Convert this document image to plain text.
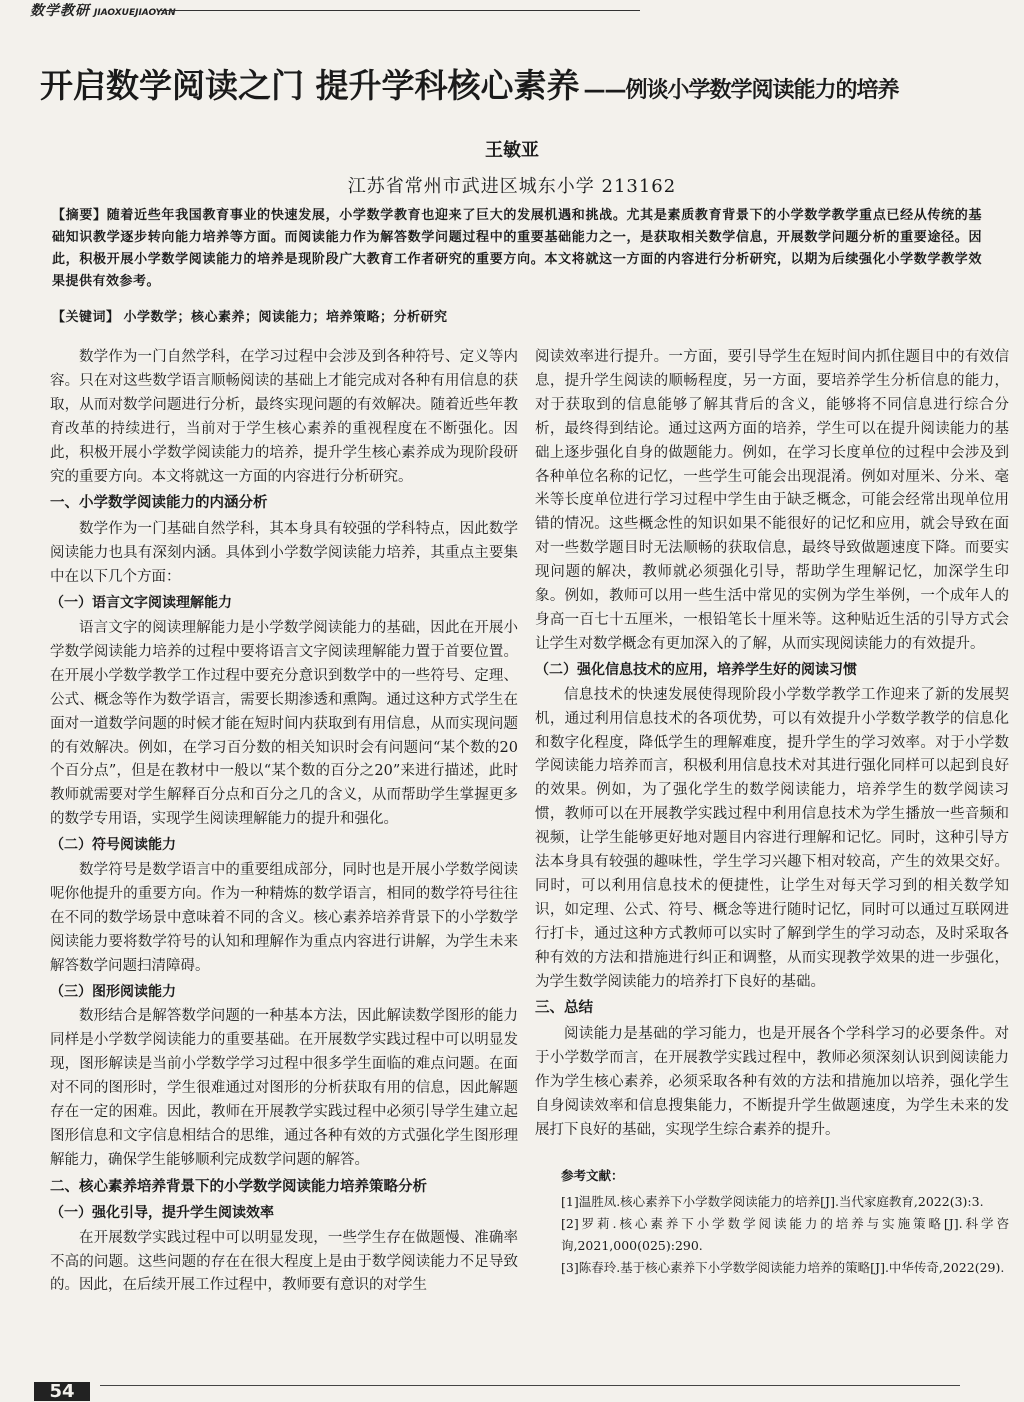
数学教研 JIAOXUEJIAOYAN
开启数学阅读之门 提升学科核心素养 ——例谈小学数学阅读能力的培养
王敏亚
江苏省常州市武进区城东小学 213162
【摘要】随着近些年我国教育事业的快速发展，小学数学教育也迎来了巨大的发展机遇和挑战。尤其是素质教育背景下的小学数学教学重点已经从传统的基础知识教学逐步转向能力培养等方面。而阅读能力作为解答数学问题过程中的重要基础能力之一，是获取相关数学信息，开展数学问题分析的重要途径。因此，积极开展小学数学阅读能力的培养是现阶段广大教育工作者研究的重要方向。本文将就这一方面的内容进行分析研究，以期为后续强化小学数学教学效果提供有效参考。
【关键词】 小学数学；核心素养；阅读能力；培养策略；分析研究

数学作为一门自然学科，在学习过程中会涉及到各种符号、定义等内容。只在对这些数学语言顺畅阅读的基础上才能完成对各种有用信息的获取，从而对数学问题进行分析，最终实现问题的有效解决。随着近些年教育改革的持续进行，当前对于学生核心素养的重视程度在不断强化。因此，积极开展小学数学阅读能力的培养，提升学生核心素养成为现阶段研究的重要方向。本文将就这一方面的内容进行分析研究。

一、小学数学阅读能力的内涵分析

数学作为一门基础自然学科，其本身具有较强的学科特点，因此数学阅读能力也具有深刻内涵。具体到小学数学阅读能力培养，其重点主要集中在以下几个方面：

（一）语言文字阅读理解能力

语言文字的阅读理解能力是小学数学阅读能力的基础，因此在开展小学数学阅读能力培养的过程中要将语言文字阅读理解能力置于首要位置。在开展小学数学教学工作过程中要充分意识到数学中的一些符号、定理、公式、概念等作为数学语言，需要长期渗透和熏陶。通过这种方式学生在面对一道数学问题的时候才能在短时间内获取到有用信息，从而实现问题的有效解决。例如，在学习百分数的相关知识时会有问题问“某个数的20个百分点”，但是在教材中一般以“某个数的百分之20”来进行描述，此时教师就需要对学生解释百分点和百分之几的含义，从而帮助学生掌握更多的数学专用语，实现学生阅读理解能力的提升和强化。

（二）符号阅读能力

数学符号是数学语言中的重要组成部分，同时也是开展小学数学阅读呢你他提升的重要方向。作为一种精炼的数学语言，相同的数学符号往往在不同的数学场景中意味着不同的含义。核心素养培养背景下的小学数学阅读能力要将数学符号的认知和理解作为重点内容进行讲解，为学生未来解答数学问题扫清障碍。

（三）图形阅读能力

数形结合是解答数学问题的一种基本方法，因此解读数学图形的能力同样是小学数学阅读能力的重要基础。在开展数学实践过程中可以明显发现，图形解读是当前小学数学学习过程中很多学生面临的难点问题。在面对不同的图形时，学生很难通过对图形的分析获取有用的信息，因此解题存在一定的困难。因此，教师在开展教学实践过程中必须引导学生建立起图形信息和文字信息相结合的思维，通过各种有效的方式强化学生图形理解能力，确保学生能够顺利完成数学问题的解答。

二、核心素养培养背景下的小学数学阅读能力培养策略分析
（一）强化引导，提升学生阅读效率

在开展数学实践过程中可以明显发现，一些学生存在做题慢、准确率不高的问题。这些问题的存在在很大程度上是由于数学阅读能力不足导致的。因此，在后续开展工作过程中，教师要有意识的对学生

阅读效率进行提升。一方面，要引导学生在短时间内抓住题目中的有效信息，提升学生阅读的顺畅程度，另一方面，要培养学生分析信息的能力，对于获取到的信息能够了解其背后的含义，能够将不同信息进行综合分析，最终得到结论。通过这两方面的培养，学生可以在提升阅读能力的基础上逐步强化自身的做题能力。例如，在学习长度单位的过程中会涉及到各种单位名称的记忆，一些学生可能会出现混淆。例如对厘米、分米、毫米等长度单位进行学习过程中学生由于缺乏概念，可能会经常出现单位用错的情况。这些概念性的知识如果不能很好的记忆和应用，就会导致在面对一些数学题目时无法顺畅的获取信息，最终导致做题速度下降。而要实现问题的解决，教师就必须强化引导，帮助学生理解记忆，加深学生印象。例如，教师可以用一些生活中常见的实例为学生举例，一个成年人的身高一百七十五厘米，一根铅笔长十厘米等。这种贴近生活的引导方式会让学生对数学概念有更加深入的了解，从而实现阅读能力的有效提升。

（二）强化信息技术的应用，培养学生好的阅读习惯

信息技术的快速发展使得现阶段小学数学教学工作迎来了新的发展契机，通过利用信息技术的各项优势，可以有效提升小学数学教学的信息化和数字化程度，降低学生的理解难度，提升学生的学习效率。对于小学数学阅读能力培养而言，积极利用信息技术对其进行强化同样可以起到良好的效果。例如，为了强化学生的数学阅读能力，培养学生的数学阅读习惯，教师可以在开展教学实践过程中利用信息技术为学生播放一些音频和视频，让学生能够更好地对题目内容进行理解和记忆。同时，这种引导方法本身具有较强的趣味性，学生学习兴趣下相对较高，产生的效果交好。同时，可以利用信息技术的便捷性，让学生对每天学习到的相关数学知识，如定理、公式、符号、概念等进行随时记忆，同时可以通过互联网进行打卡，通过这种方式教师可以实时了解到学生的学习动态，及时采取各种有效的方法和措施进行纠正和调整，从而实现教学效果的进一步强化，为学生数学阅读能力的培养打下良好的基础。

三、总结

阅读能力是基础的学习能力，也是开展各个学科学习的必要条件。对于小学数学而言，在开展教学实践过程中，教师必须深刻认识到阅读能力作为学生核心素养，必须采取各种有效的方法和措施加以培养，强化学生自身阅读效率和信息搜集能力，不断提升学生做题速度，为学生未来的发展打下良好的基础，实现学生综合素养的提升。

参考文献：
[1]温胜凤.核心素养下小学数学阅读能力的培养[J].当代家庭教育,2022(3):3.
[2]罗莉.核心素养下小学数学阅读能力的培养与实施策略[J].科学咨询,2021,000(025):290.
[3]陈春玲.基于核心素养下小学数学阅读能力培养的策略[J].中华传奇,2022(29).
54
